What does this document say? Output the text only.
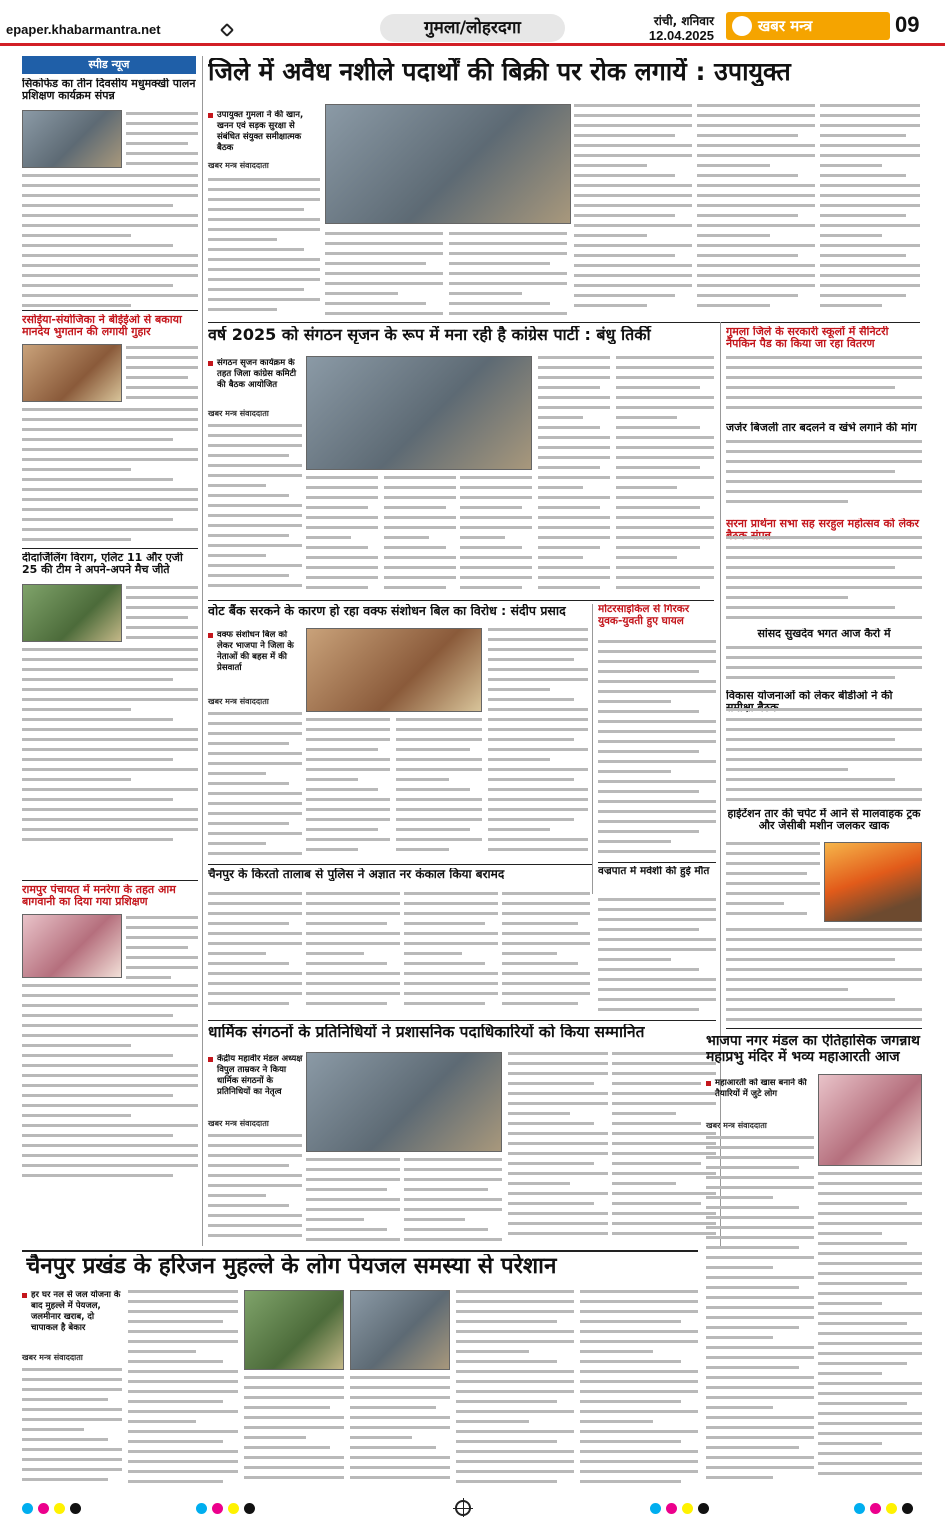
epaper.khabarmantra.net	गुमला/लोहरदगा	रांची, शनिवार
12.04.2025
खबर मन्त्र	09
स्पीड न्यूज
सिकोफेड का तीन दिवसीय मधुमक्खी पालन प्रशिक्षण कार्यक्रम संपन्न
रसोईया-संयोजिका ने बीईईओ से बकाया मानदेय भुगतान की लगायी गुहार
दीदार्जिलिंग विराग, एलिट 11 और एजी 25 की टीम ने अपने-अपने मैच जीते
रामपुर पंचायत में मनरेगा के तहत आम बागवानी का दिया गया प्रशिक्षण
जिले में अवैध नशीले पदार्थों की बिक्री पर रोक लगायें : उपायुक्त
उपायुक्त गुमला ने की खान, खनन एवं सड़क सुरक्षा से संबंधित संयुक्त समीक्षात्मक बैठक
खबर मन्त्र संवाददाता
वर्ष 2025 को संगठन सृजन के रूप में मना रही है कांग्रेस पार्टी : बंधु तिर्की
संगठन सृजन कार्यक्रम के तहत जिला कांग्रेस कमिटी की बैठक आयोजित
खबर मन्त्र संवाददाता
वोट बैंक सरकने के कारण हो रहा वक्फ संशोधन बिल का विरोध : संदीप प्रसाद
वक्फ संशोधन बिल को लेकर भाजपा ने जिला के नेताओं की बहस में की प्रेसवार्ता
खबर मन्त्र संवाददाता
मोटरसाइकिल से गिरकर युवक-युवती हुए घायल
वज्रपात में मवेशी की हुई मौत
चैनपुर के किरतो तालाब से पुलिस ने अज्ञात नर कंकाल किया बरामद
धार्मिक संगठनों के प्रतिनिधियों ने प्रशासनिक पदाधिकारियों को किया सम्मानित
केंद्रीय महावीर मंडल अध्यक्ष विपुल ताम्रकर ने किया धार्मिक संगठनों के प्रतिनिधियों का नेतृत्व
खबर मन्त्र संवाददाता
गुमला जिले के सरकारी स्कूलों में सैनिटरी नैपकिन पैड का किया जा रहा वितरण
जर्जर बिजली तार बदलने व खंभे लगाने की मांग
सरना प्रार्थना सभा सह सरहुल महोत्सव को लेकर
सांसद सुखदेव भगत आज कैरो में
विकास योजनाओं को लेकर बीडीओ ने की
हाईटेंशन तार की चपेट में आने से मालवाहक ट्रक और जेसीबी मशीन जलकर खाक
भाजपा नगर मंडल का ऐतिहासिक जगन्नाथ महाप्रभु मंदिर में भव्य महाआरती आज
महाआरती को खास बनाने की तैयारियों में जुटे लोग
खबर मन्त्र संवाददाता
चैनपुर प्रखंड के हरिजन मुहल्ले के लोग पेयजल समस्या से परेशान
हर घर नल से जल योजना के बाद मुहल्ले में पेयजल, जलमीनार खराब, दो चापाकल है बेकार
खबर मन्त्र संवाददाता
